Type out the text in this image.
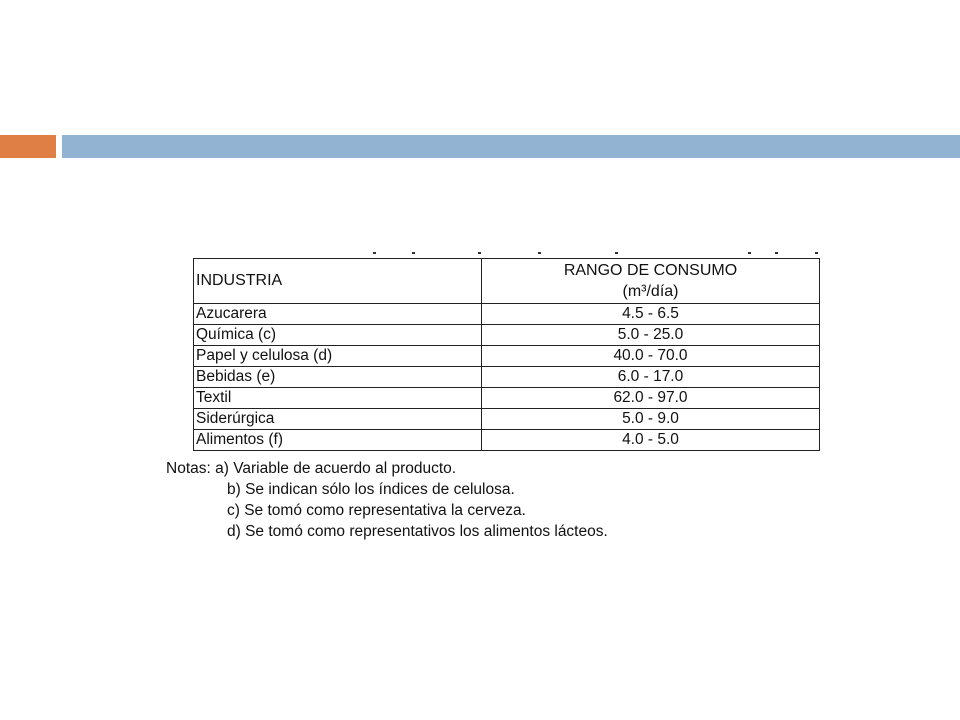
INDUSTRIA	RANGO DE CONSUMO
(m³/día)

Azucarera	4.5 - 6.5
Química (c)	5.0 - 25.0
Papel y celulosa (d)	40.0 - 70.0
Bebidas (e)	6.0 - 17.0
Textil	62.0 - 97.0
Siderúrgica	5.0 - 9.0
Alimentos (f)	4.0 - 5.0
Notas: a) Variable de acuerdo al producto.
b) Se indican sólo los índices de celulosa.
c) Se tomó como representativa la cerveza.
d) Se tomó como representativos los alimentos lácteos.
